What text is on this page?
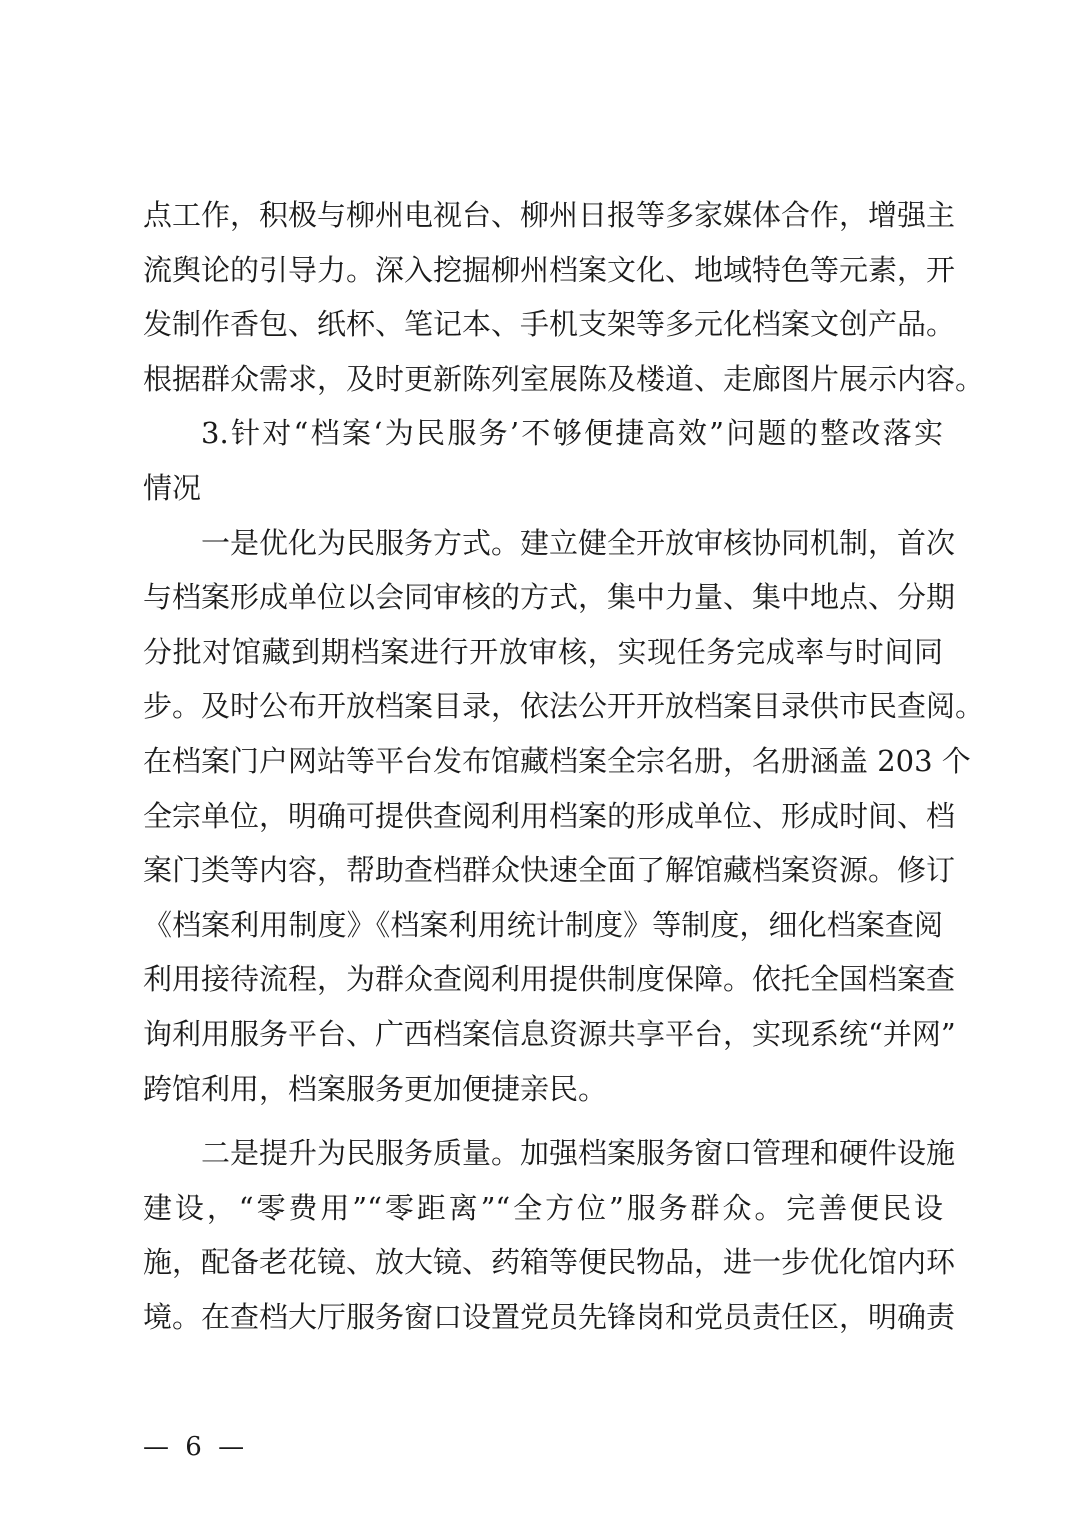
点工作，积极与柳州电视台、柳州日报等多家媒体合作，增强主
流舆论的引导力。深入挖掘柳州档案文化、地域特色等元素，开
发制作香包、纸杯、笔记本、手机支架等多元化档案文创产品。
根据群众需求，及时更新陈列室展陈及楼道、走廊图片展示内容。
3.针对“档案‘为民服务’不够便捷高效”问题的整改落实
情况
一是优化为民服务方式。建立健全开放审核协同机制，首次
与档案形成单位以会同审核的方式，集中力量、集中地点、分期
分批对馆藏到期档案进行开放审核，实现任务完成率与时间同
步。及时公布开放档案目录，依法公开开放档案目录供市民查阅。
在档案门户网站等平台发布馆藏档案全宗名册，名册涵盖 203 个
全宗单位，明确可提供查阅利用档案的形成单位、形成时间、档
案门类等内容，帮助查档群众快速全面了解馆藏档案资源。修订
《档案利用制度》《档案利用统计制度》等制度，细化档案查阅
利用接待流程，为群众查阅利用提供制度保障。依托全国档案查
询利用服务平台、广西档案信息资源共享平台，实现系统“并网”
跨馆利用，档案服务更加便捷亲民。
二是提升为民服务质量。加强档案服务窗口管理和硬件设施
建设，“零费用”“零距离”“全方位”服务群众。完善便民设
施，配备老花镜、放大镜、药箱等便民物品，进一步优化馆内环
境。在查档大厅服务窗口设置党员先锋岗和党员责任区，明确责
— 6 —
